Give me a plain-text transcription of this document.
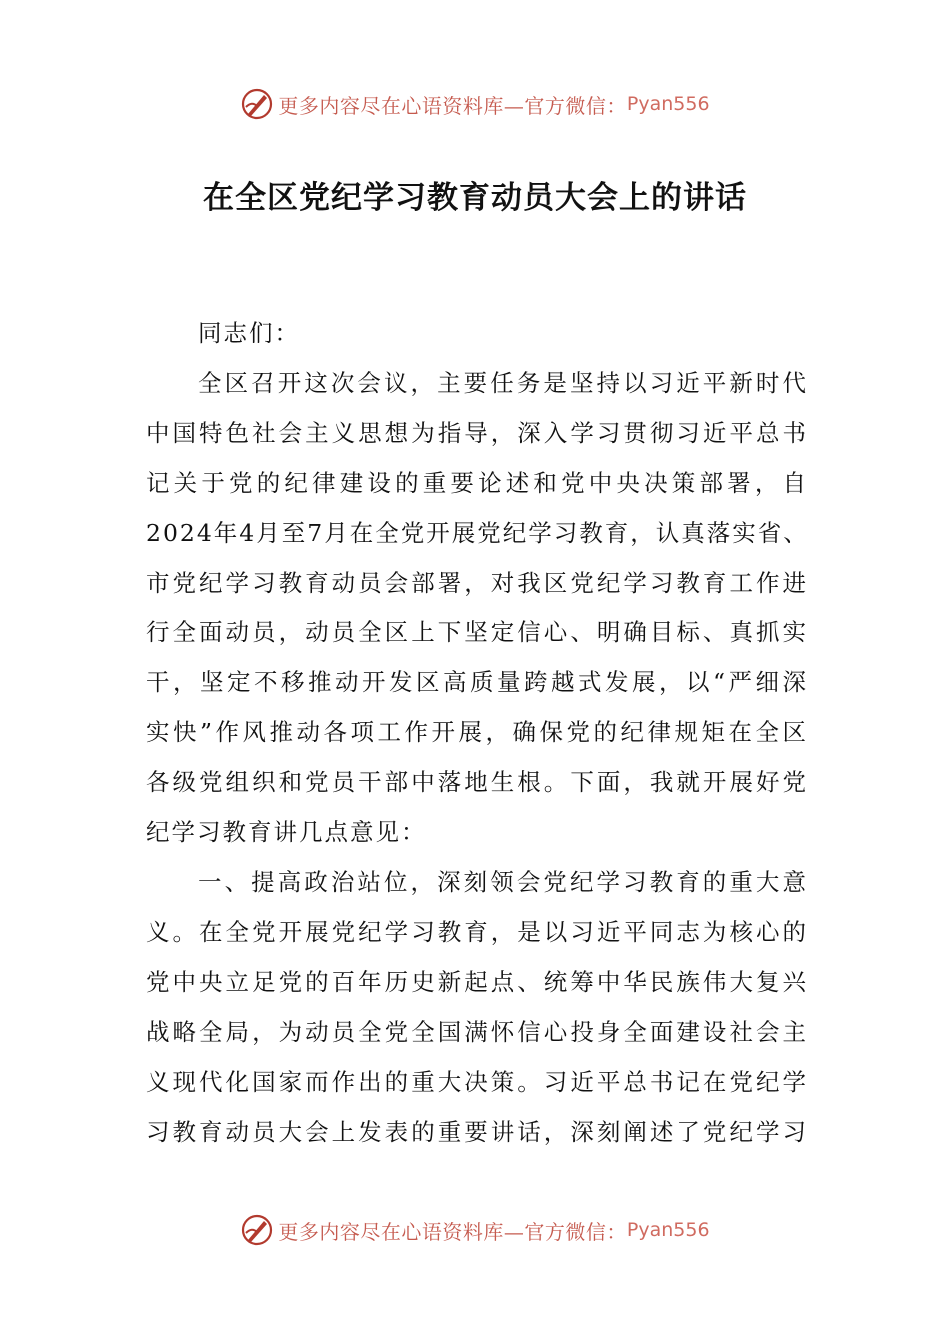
更多内容尽在心语资料库—官方微信： Pyan556
在全区党纪学习教育动员大会上的讲话
同志们：
全区召开这次会议，主要任务是坚持以习近平新时代
中国特色社会主义思想为指导，深入学习贯彻习近平总书
记关于党的纪律建设的重要论述和党中央决策部署，自
2024年4月至7月在全党开展党纪学习教育，认真落实省、
市党纪学习教育动员会部署，对我区党纪学习教育工作进
行全面动员，动员全区上下坚定信心、明确目标、真抓实
干，坚定不移推动开发区高质量跨越式发展，以“严细深
实快”作风推动各项工作开展，确保党的纪律规矩在全区
各级党组织和党员干部中落地生根。下面，我就开展好党
纪学习教育讲几点意见：
一、提高政治站位，深刻领会党纪学习教育的重大意
义。在全党开展党纪学习教育，是以习近平同志为核心的
党中央立足党的百年历史新起点、统筹中华民族伟大复兴
战略全局，为动员全党全国满怀信心投身全面建设社会主
义现代化国家而作出的重大决策。习近平总书记在党纪学
习教育动员大会上发表的重要讲话，深刻阐述了党纪学习
更多内容尽在心语资料库—官方微信： Pyan556
